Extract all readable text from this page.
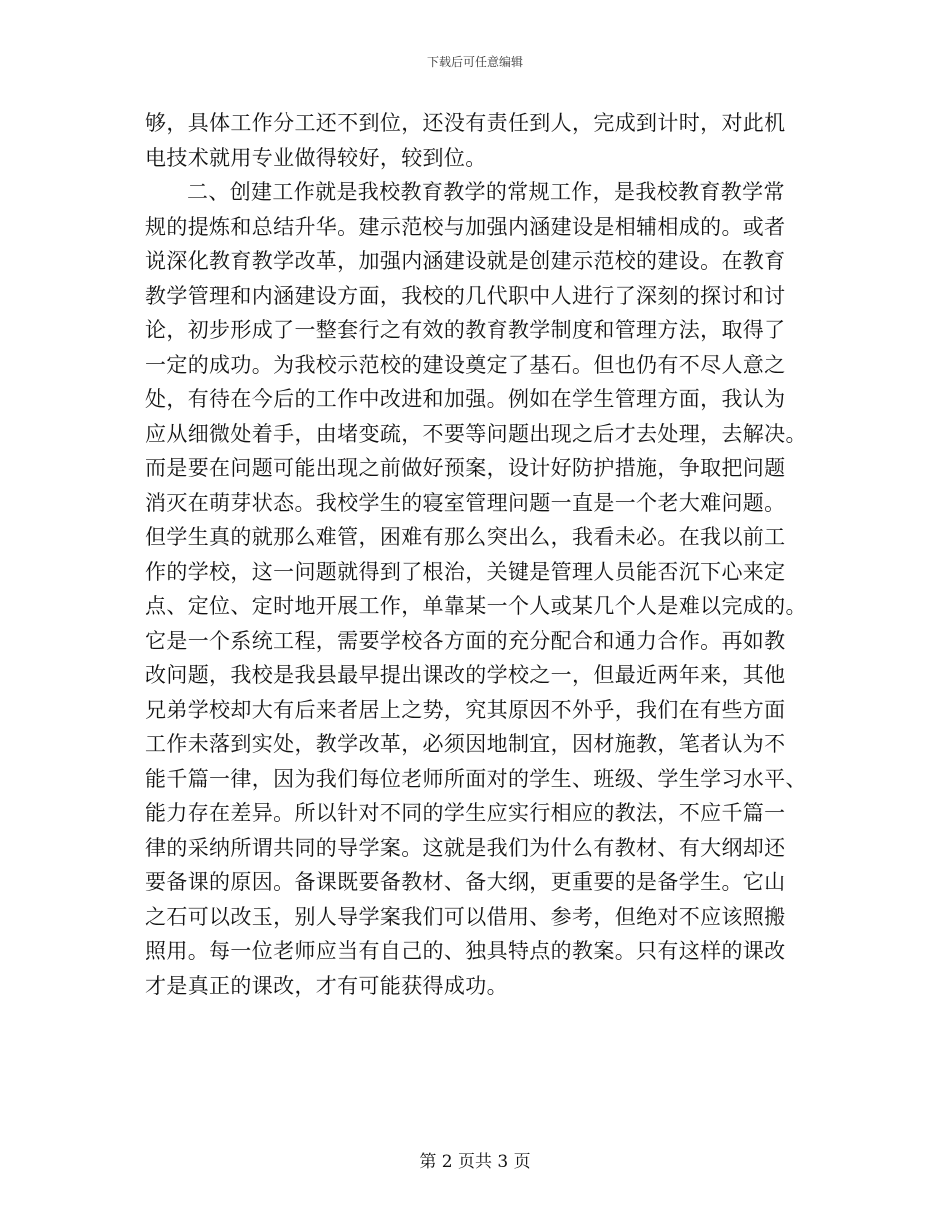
下载后可任意编辑
够，具体工作分工还不到位，还没有责任到人，完成到计时，对此机
电技术就用专业做得较好，较到位。
二、创建工作就是我校教育教学的常规工作，是我校教育教学常
规的提炼和总结升华。建示范校与加强内涵建设是相辅相成的。或者
说深化教育教学改革，加强内涵建设就是创建示范校的建设。在教育
教学管理和内涵建设方面，我校的几代职中人进行了深刻的探讨和讨
论，初步形成了一整套行之有效的教育教学制度和管理方法，取得了
一定的成功。为我校示范校的建设奠定了基石。但也仍有不尽人意之
处，有待在今后的工作中改进和加强。例如在学生管理方面，我认为
应从细微处着手，由堵变疏，不要等问题出现之后才去处理，去解决。
而是要在问题可能出现之前做好预案，设计好防护措施，争取把问题
消灭在萌芽状态。我校学生的寝室管理问题一直是一个老大难问题。
但学生真的就那么难管，困难有那么突出么，我看未必。在我以前工
作的学校，这一问题就得到了根治，关键是管理人员能否沉下心来定
点、定位、定时地开展工作，单靠某一个人或某几个人是难以完成的。
它是一个系统工程，需要学校各方面的充分配合和通力合作。再如教
改问题，我校是我县最早提出课改的学校之一，但最近两年来，其他
兄弟学校却大有后来者居上之势，究其原因不外乎，我们在有些方面
工作未落到实处，教学改革，必须因地制宜，因材施教，笔者认为不
能千篇一律，因为我们每位老师所面对的学生、班级、学生学习水平、
能力存在差异。所以针对不同的学生应实行相应的教法，不应千篇一
律的采纳所谓共同的导学案。这就是我们为什么有教材、有大纲却还
要备课的原因。备课既要备教材、备大纲，更重要的是备学生。它山
之石可以改玉，别人导学案我们可以借用、参考，但绝对不应该照搬
照用。每一位老师应当有自己的、独具特点的教案。只有这样的课改
才是真正的课改，才有可能获得成功。
第 2 页共 3 页
